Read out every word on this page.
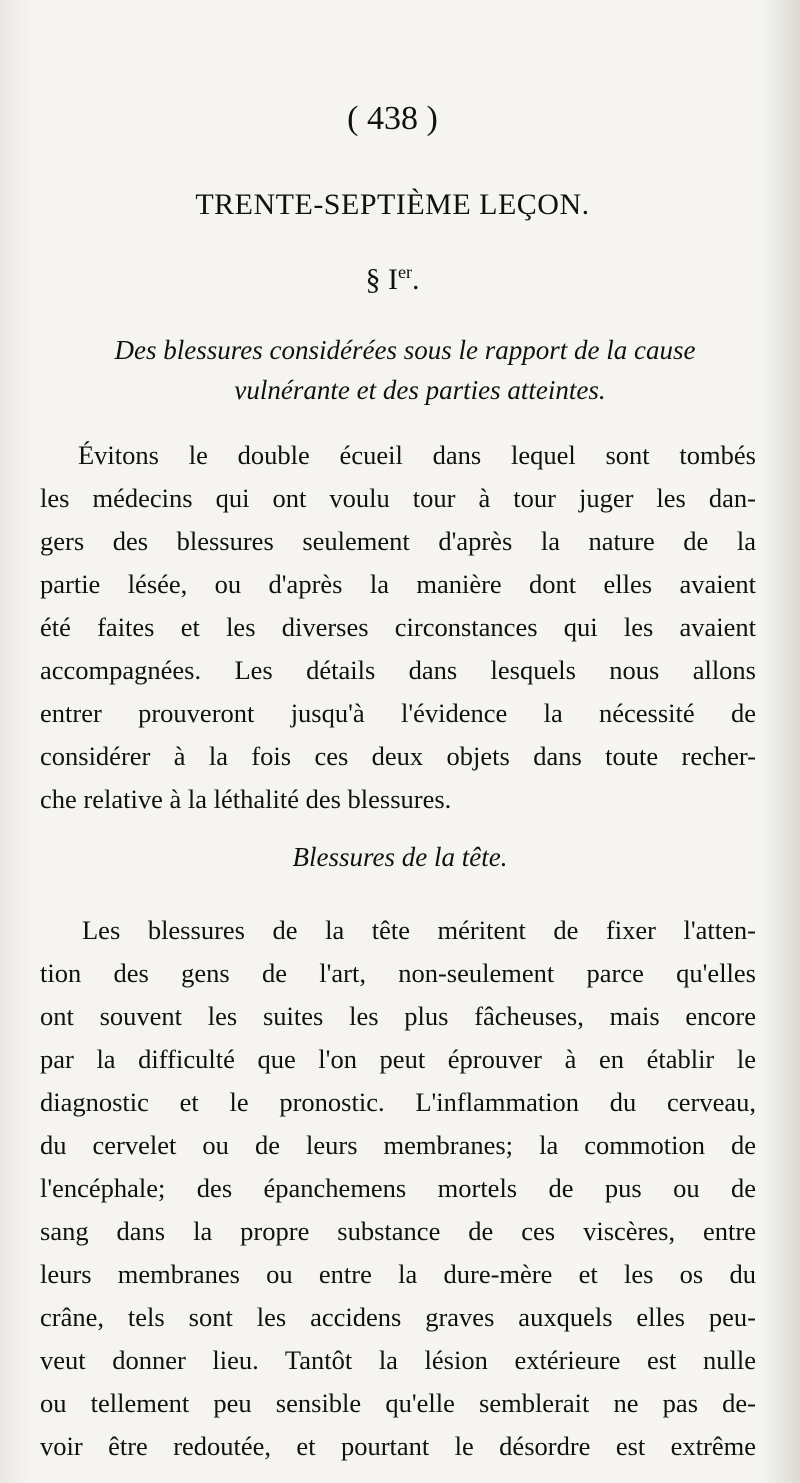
( 438 )
TRENTE-SEPTIÈME LEÇON.
§ Ier.
Des blessures considérées sous le rapport de la cause
vulnérante et des parties atteintes.
Évitons le double écueil dans lequel sont tombés
les médecins qui ont voulu tour à tour juger les dan-
gers des blessures seulement d'après la nature de la
partie lésée, ou d'après la manière dont elles avaient
été faites et les diverses circonstances qui les avaient
accompagnées. Les détails dans lesquels nous allons
entrer prouveront jusqu'à l'évidence la nécessité de
considérer à la fois ces deux objets dans toute recher-
che relative à la léthalité des blessures.
Blessures de la tête.
Les blessures de la tête méritent de fixer l'atten-
tion des gens de l'art, non-seulement parce qu'elles
ont souvent les suites les plus fâcheuses, mais encore
par la difficulté que l'on peut éprouver à en établir le
diagnostic et le pronostic. L'inflammation du cerveau,
du cervelet ou de leurs membranes; la commotion de
l'encéphale; des épanchemens mortels de pus ou de
sang dans la propre substance de ces viscères, entre
leurs membranes ou entre la dure-mère et les os du
crâne, tels sont les accidens graves auxquels elles peu-
veut donner lieu. Tantôt la lésion extérieure est nulle
ou tellement peu sensible qu'elle semblerait ne pas de-
voir être redoutée, et pourtant le désordre est extrême
